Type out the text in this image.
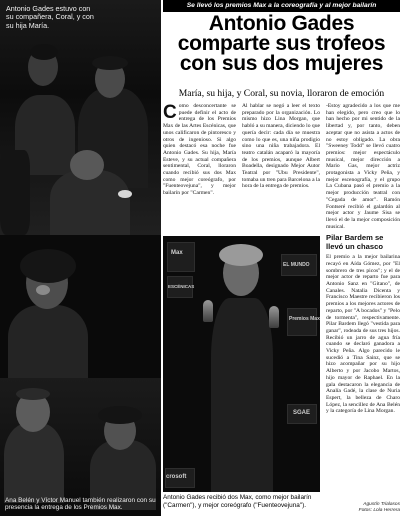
Antonio Gades estuvo con su compañera, Coral, y con su hija María.
Ana Belén y Víctor Manuel también realizaron con su presencia la entrega de los Premios Max.
Se llevó los premios Max a la coreografía y al mejor bailarín
Antonio Gades comparte sus trofeos con sus dos mujeres
María, su hija, y Coral, su novia, lloraron de emoción
C omo desconcertante se puede definir el acto de entrega de los Premios Max de las Artes Escénicas, que unos calificaron de pintoresco y otros de ingenioso. Si algo quien destacó esa noche fue Antonio Gades. Su hija, María Esteve, y su actual compañera sentimental, Coral, lloraron cuando recibió sus dos Max como mejor coreógrafo, por "Fuenteovejuna", y mejor bailarín por "Carmen".
Al hablar se negó a leer el texto preparado por la organización. Lo mismo hizo Lina Morgan, que habló a su manera, diciendo lo que quería decir: cada día se muestra como lo que es, una niña prodigio sino una niña trabajadora. El teatro catalán acaparó la mayoría de los premios, aunque Albert Boadella, designado Mejor Autor Teatral por "Ubu Presidente", tomaba un tren para Barcelona a la hora de la entrega de premios.

-Estoy agradecido a los que me han elegido, pero creo que lo han hecho por mi sentido de la libertad y, por tanto, deben aceptar que no asista a actos de no estoy obligado. La obra "Sweeney Todd" se llevó cuatro premios: mejor espectáculo musical, mejor dirección a Mario Gas, mejor actriz protagonista a Vicky Peña, y mejor escenografía, y el grupo La Cubana pasó el premio a la mejor producción teatral con "Cegada de amor". Ramón Fontseré recibió el galardón al mejor actor y Jaume Sisa se llevó el de la mejor composición musical.

Pilar Bardem se llevó un chasco

El premio a la mejor bailarina recayó en Aída Gómez, por "El sombrero de tres picos"; y el de mejor actor de reparto fue para Antonio Sanz en "Gitano", de Canales. Natalia Dicenta y Francisco Maestre recibieron los premios a los mejores actores de reparto, por "A bocados" y "Pelo de tormenta", respectivamente. Pilar Bardem llegó "vestida para ganar", rodeada de sus tres hijos. Recibió un jarro de agua fría cuando se declaró ganadora a Vicky Peña. Algo parecido le sucedió a Tina Sainz, que se hizo acompañar por su hijo Alberto y por Jacobo Martos, hijo mayor de Raphael. En la gala destacaron la elegancia de Analía Gadé, la clase de Nuria Espert, la belleza de Charo López, la sencillez de Ana Belén y la categoría de Lina Morgan.

Agustín Trialasos
Fotos: Lola Herrera
Max
ESCÉNICAS
EL MUNDO
Premios Max
SGAE
crosoft
Antonio Gades recibió dos Max, como mejor bailarín ("Carmen"), y mejor coreógrafo ("Fuenteovejuna").
